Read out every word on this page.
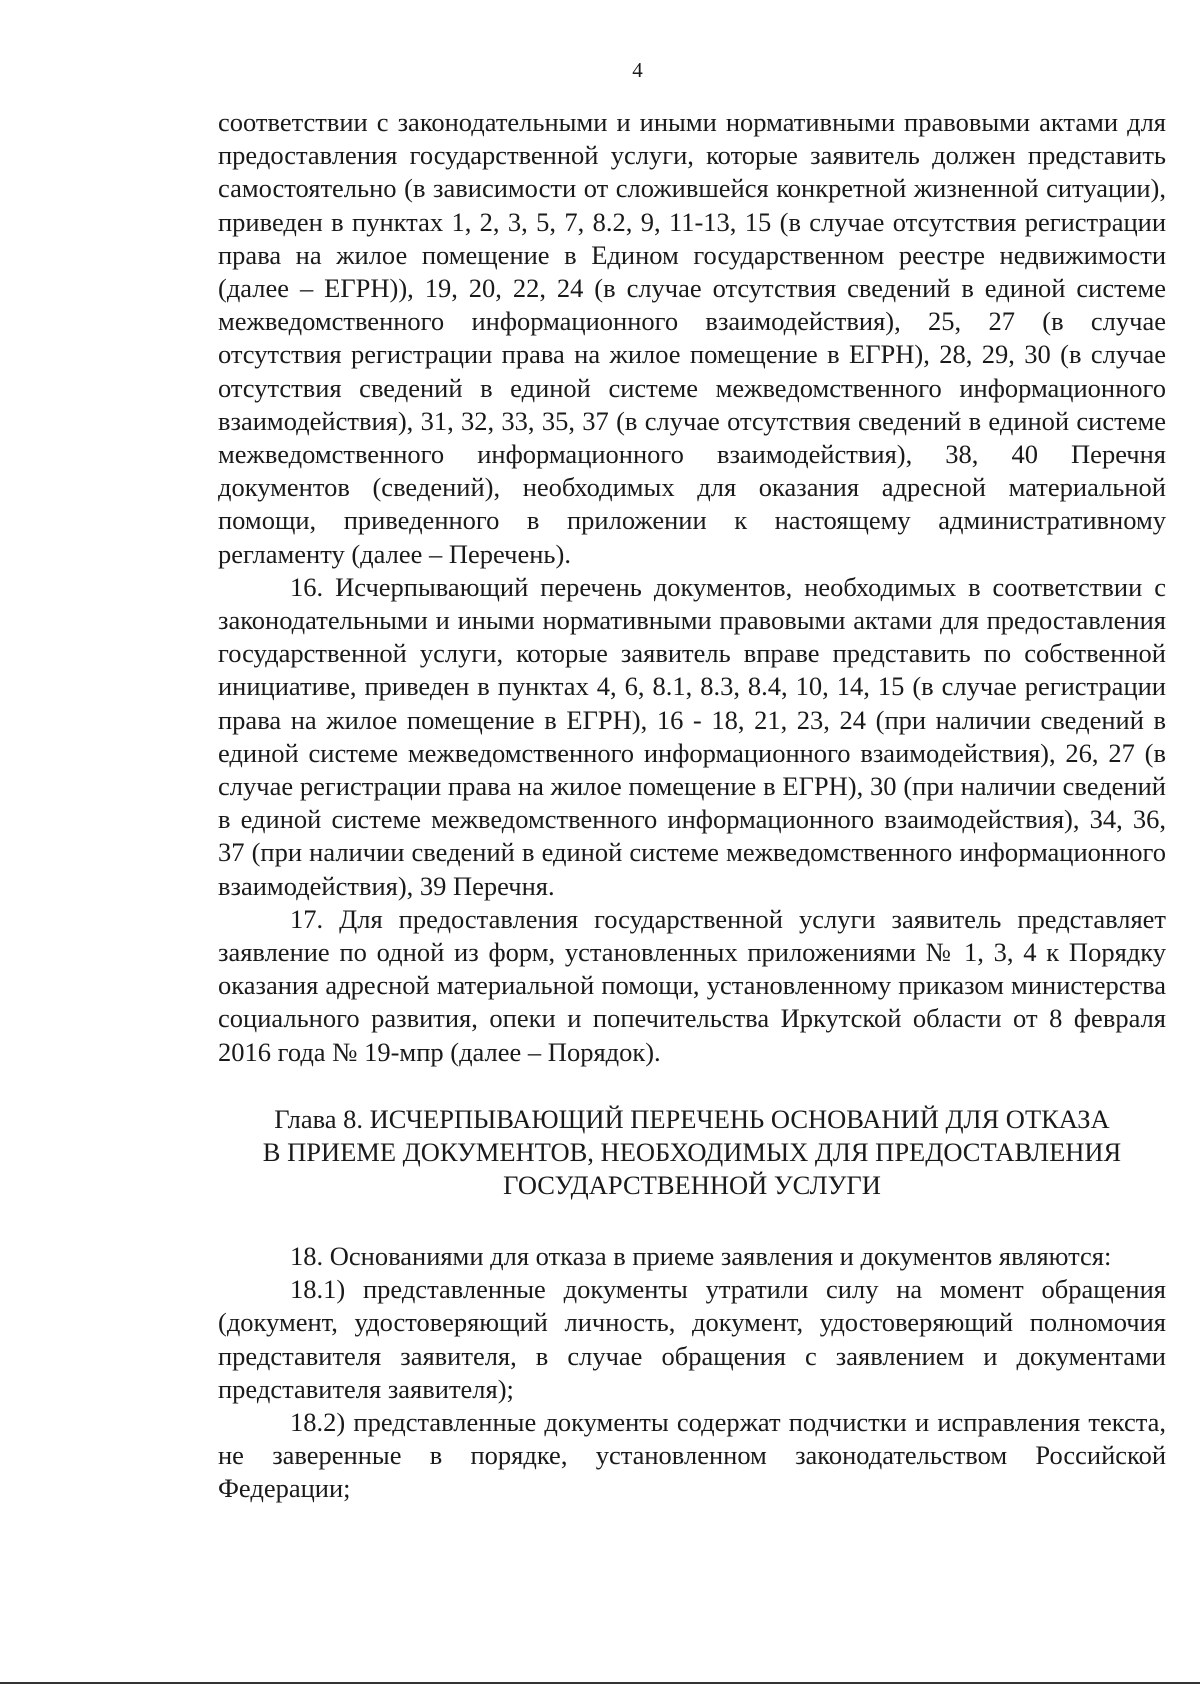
4

соответствии с законодательными и иными нормативными правовыми актами для предоставления государственной услуги, которые заявитель должен представить самостоятельно (в зависимости от сложившейся конкретной жизненной ситуации), приведен в пунктах 1, 2, 3, 5, 7, 8.2, 9, 11-13, 15 (в случае отсутствия регистрации права на жилое помещение в Едином государственном реестре недвижимости (далее – ЕГРН)), 19, 20, 22, 24 (в случае отсутствия сведений в единой системе межведомственного информационного взаимодействия), 25, 27 (в случае отсутствия регистрации права на жилое помещение в ЕГРН), 28, 29, 30 (в случае отсутствия сведений в единой системе межведомственного информационного взаимодействия), 31, 32, 33, 35, 37 (в случае отсутствия сведений в единой системе межведомственного информационного взаимодействия), 38, 40 Перечня документов (сведений), необходимых для оказания адресной материальной помощи, приведенного в приложении к настоящему административному регламенту (далее – Перечень).

16. Исчерпывающий перечень документов, необходимых в соответствии с законодательными и иными нормативными правовыми актами для предоставления государственной услуги, которые заявитель вправе представить по собственной инициативе, приведен в пунктах 4, 6, 8.1, 8.3, 8.4, 10, 14, 15 (в случае регистрации права на жилое помещение в ЕГРН), 16 - 18, 21, 23, 24 (при наличии сведений в единой системе межведомственного информационного взаимодействия), 26, 27 (в случае регистрации права на жилое помещение в ЕГРН), 30 (при наличии сведений в единой системе межведомственного информационного взаимодействия), 34, 36, 37 (при наличии сведений в единой системе межведомственного информационного взаимодействия), 39 Перечня.

17. Для предоставления государственной услуги заявитель представляет заявление по одной из форм, установленных приложениями № 1, 3, 4 к Порядку оказания адресной материальной помощи, установленному приказом министерства социального развития, опеки и попечительства Иркутской области от 8 февраля 2016 года № 19-мпр (далее – Порядок).

Глава 8. ИСЧЕРПЫВАЮЩИЙ ПЕРЕЧЕНЬ ОСНОВАНИЙ ДЛЯ ОТКАЗА
В ПРИЕМЕ ДОКУМЕНТОВ, НЕОБХОДИМЫХ ДЛЯ ПРЕДОСТАВЛЕНИЯ
ГОСУДАРСТВЕННОЙ УСЛУГИ

18. Основаниями для отказа в приеме заявления и документов являются:

18.1) представленные документы утратили силу на момент обращения (документ, удостоверяющий личность, документ, удостоверяющий полномочия представителя заявителя, в случае обращения с заявлением и документами представителя заявителя);

18.2) представленные документы содержат подчистки и исправления текста, не заверенные в порядке, установленном законодательством Российской Федерации;
